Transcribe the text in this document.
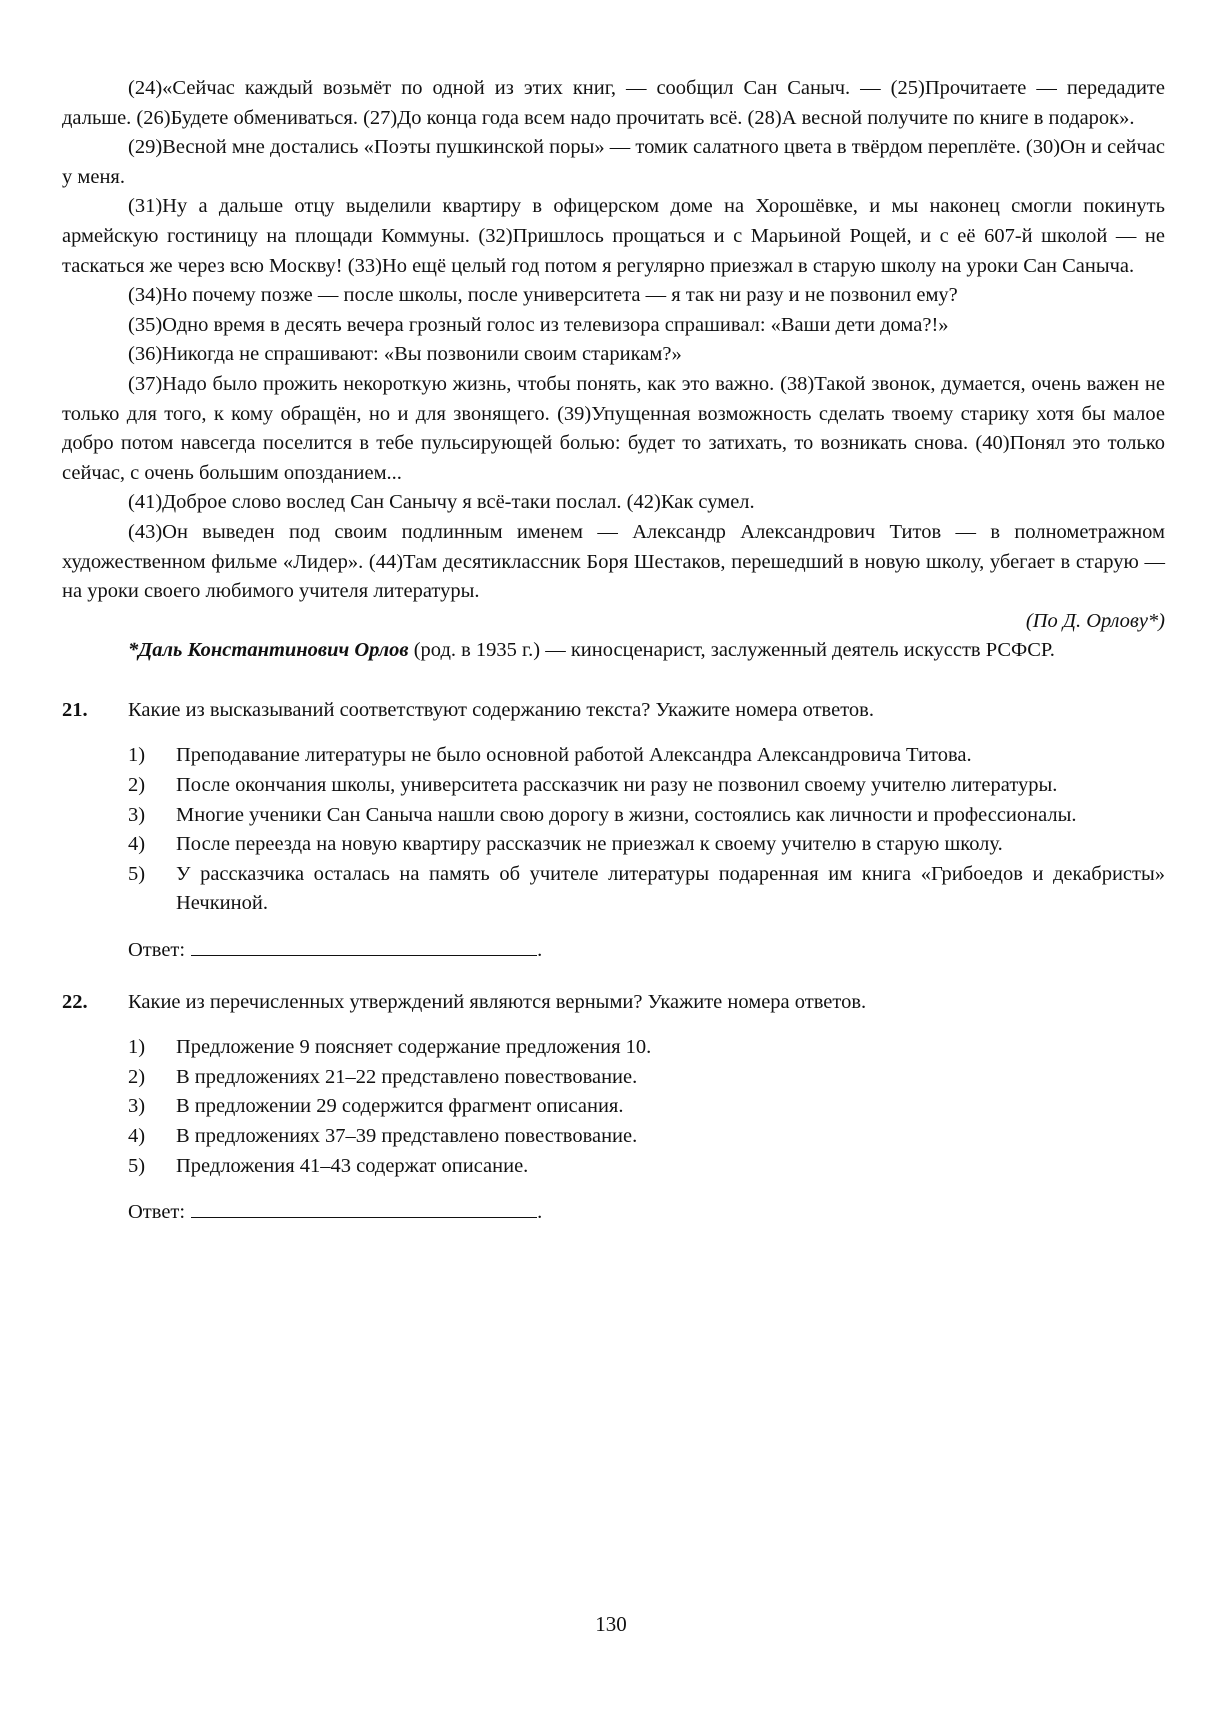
(24)«Сейчас каждый возьмёт по одной из этих книг, — сообщил Сан Саныч. — (25)Прочитаете — передадите дальше. (26)Будете обмениваться. (27)До конца года всем надо прочитать всё. (28)А весной получите по книге в подарок».

(29)Весной мне достались «Поэты пушкинской поры» — томик салатного цвета в твёрдом переплёте. (30)Он и сейчас у меня.

(31)Ну а дальше отцу выделили квартиру в офицерском доме на Хорошёвке, и мы наконец смогли покинуть армейскую гостиницу на площади Коммуны. (32)Пришлось прощаться и с Марьиной Рощей, и с её 607-й школой — не таскаться же через всю Москву! (33)Но ещё целый год потом я регулярно приезжал в старую школу на уроки Сан Саныча.

(34)Но почему позже — после школы, после университета — я так ни разу и не позвонил ему?

(35)Одно время в десять вечера грозный голос из телевизора спрашивал: «Ваши дети дома?!»

(36)Никогда не спрашивают: «Вы позвонили своим старикам?»

(37)Надо было прожить некороткую жизнь, чтобы понять, как это важно. (38)Такой звонок, думается, очень важен не только для того, к кому обращён, но и для звонящего. (39)Упущенная возможность сделать твоему старику хотя бы малое добро потом навсегда поселится в тебе пульсирующей болью: будет то затихать, то возникать снова. (40)Понял это только сейчас, с очень большим опозданием...

(41)Доброе слово вослед Сан Санычу я всё-таки послал. (42)Как сумел.

(43)Он выведен под своим подлинным именем — Александр Александрович Титов — в полнометражном художественном фильме «Лидер». (44)Там десятиклассник Боря Шестаков, перешедший в новую школу, убегает в старую — на уроки своего любимого учителя литературы.

(По Д. Орлову*)

*Даль Константинович Орлов (род. в 1935 г.) — киносценарист, заслуженный деятель искусств РСФСР.

21. Какие из высказываний соответствуют содержанию текста? Укажите номера ответов.

1) Преподавание литературы не было основной работой Александра Александровича Титова.
2) После окончания школы, университета рассказчик ни разу не позвонил своему учителю литературы.
3) Многие ученики Сан Саныча нашли свою дорогу в жизни, состоялись как личности и профессионалы.
4) После переезда на новую квартиру рассказчик не приезжал к своему учителю в старую школу.
5) У рассказчика осталась на память об учителе литературы подаренная им книга «Грибоедов и декабристы» Нечкиной.
Ответ:	.
22. Какие из перечисленных утверждений являются верными? Укажите номера ответов.

1) Предложение 9 поясняет содержание предложения 10.
2) В предложениях 21–22 представлено повествование.
3) В предложении 29 содержится фрагмент описания.
4) В предложениях 37–39 представлено повествование.
5) Предложения 41–43 содержат описание.
Ответ:	.
130
